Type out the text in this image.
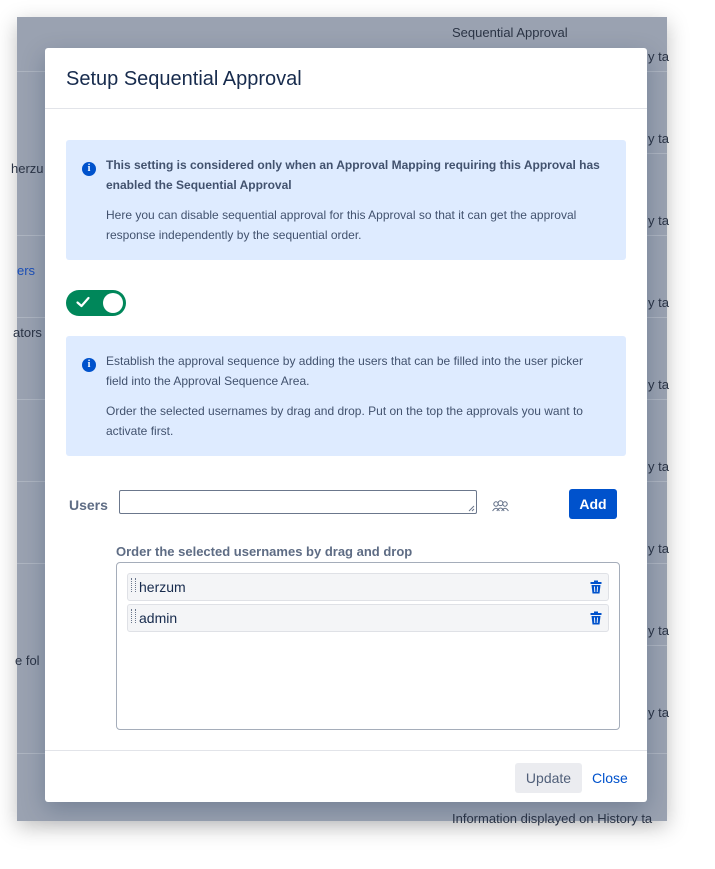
Sequential Approval
herzu
ers
ators
e fol
Information displayed on History ta
y ta
y ta
y ta
y ta
y ta
y ta
y ta
y ta
y ta
Setup Sequential Approval
i	This setting is considered only when an Approval Mapping requiring this Approval has enabled the Sequential Approval
Here you can disable sequential approval for this Approval so that it can get the approval response independently by the sequential order.
i	Establish the approval sequence by adding the users that can be filled into the user picker field into the Approval Sequence Area.
Order the selected usernames by drag and drop. Put on the top the approvals you want to activate first.
Users	Add
Order the selected usernames by drag and drop
herzum
admin
Update	Close
